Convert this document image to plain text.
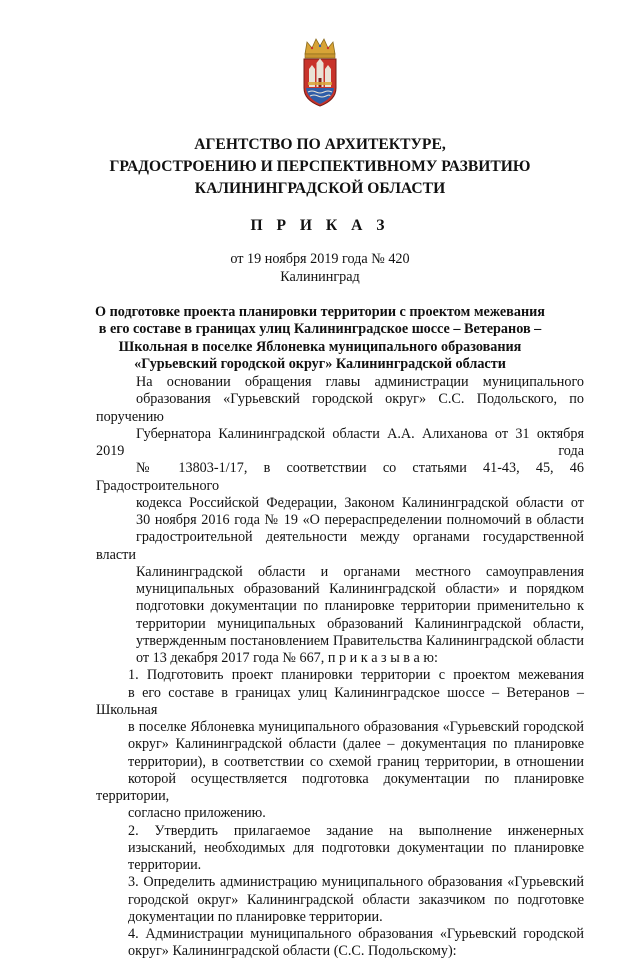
АГЕНТСТВО ПО АРХИТЕКТУРЕ,
ГРАДОСТРОЕНИЮ И ПЕРСПЕКТИВНОМУ РАЗВИТИЮ
КАЛИНИНГРАДСКОЙ ОБЛАСТИ
П Р И К А З
от 19 ноября 2019 года № 420
Калининград
О подготовке проекта планировки территории с проектом межевания
в его составе в границах улиц Калининградское шоссе – Ветеранов –
Школьная в поселке Яблоневка муниципального образования
«Гурьевский городской округ» Калининградской области

На основании обращения главы администрации муниципального
образования «Гурьевский городской округ» С.С. Подольского, по поручению
Губернатора Калининградской области А.А. Алиханова от 31 октября 2019 года
№ 13803-1/17, в соответствии со статьями 41-43, 45, 46 Градостроительного
кодекса Российской Федерации, Законом Калининградской области от
30 ноября 2016 года № 19 «О перераспределении полномочий в области
градостроительной деятельности между органами государственной власти
Калининградской области и органами местного самоуправления
муниципальных образований Калининградской области» и порядком
подготовки документации по планировке территории применительно к
территории муниципальных образований Калининградской области,
утвержденным постановлением Правительства Калининградской области
от 13 декабря 2017 года № 667, п р и к а з ы в а ю:

1. Подготовить проект планировки территории с проектом межевания
в его составе в границах улиц Калининградское шоссе – Ветеранов – Школьная
в поселке Яблоневка муниципального образования «Гурьевский городской
округ» Калининградской области (далее – документация по планировке
территории), в соответствии со схемой границ территории, в отношении
которой осуществляется подготовка документации по планировке территории,
согласно приложению.

2. Утвердить прилагаемое задание на выполнение инженерных
изысканий, необходимых для подготовки документации по планировке
территории.

3. Определить администрацию муниципального образования «Гурьевский
городской округ» Калининградской области заказчиком по подготовке
документации по планировке территории.

4. Администрации муниципального образования «Гурьевский городской
округ» Калининградской области (С.С. Подольскому):
